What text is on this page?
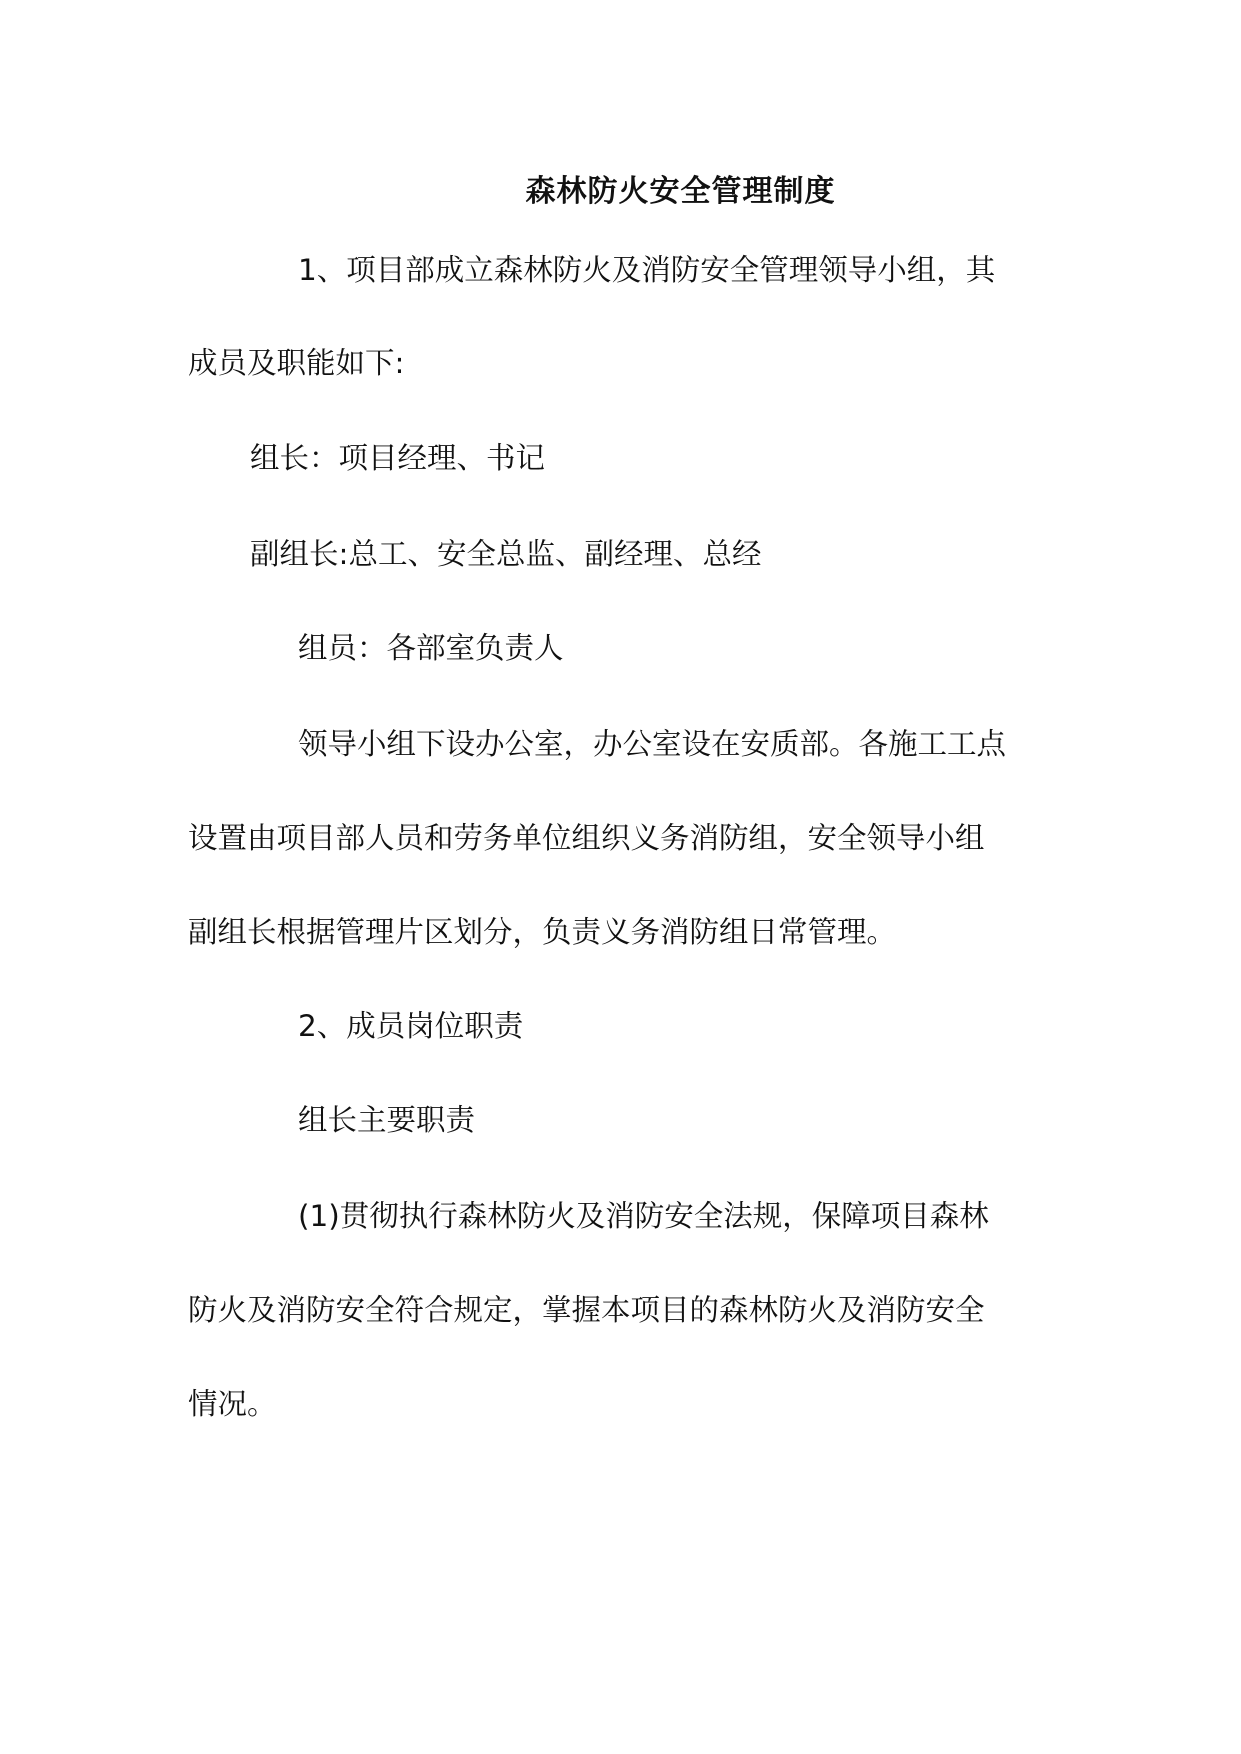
森林防火安全管理制度
1、项目部成立森林防火及消防安全管理领导小组，其
成员及职能如下:
组长：项目经理、书记
副组长:总工、安全总监、副经理、总经
组员：各部室负责人
领导小组下设办公室，办公室设在安质部。各施工工点
设置由项目部人员和劳务单位组织义务消防组，安全领导小组
副组长根据管理片区划分，负责义务消防组日常管理。
2、成员岗位职责
组长主要职责
(1)贯彻执行森林防火及消防安全法规，保障项目森林
防火及消防安全符合规定，掌握本项目的森林防火及消防安全
情况。
